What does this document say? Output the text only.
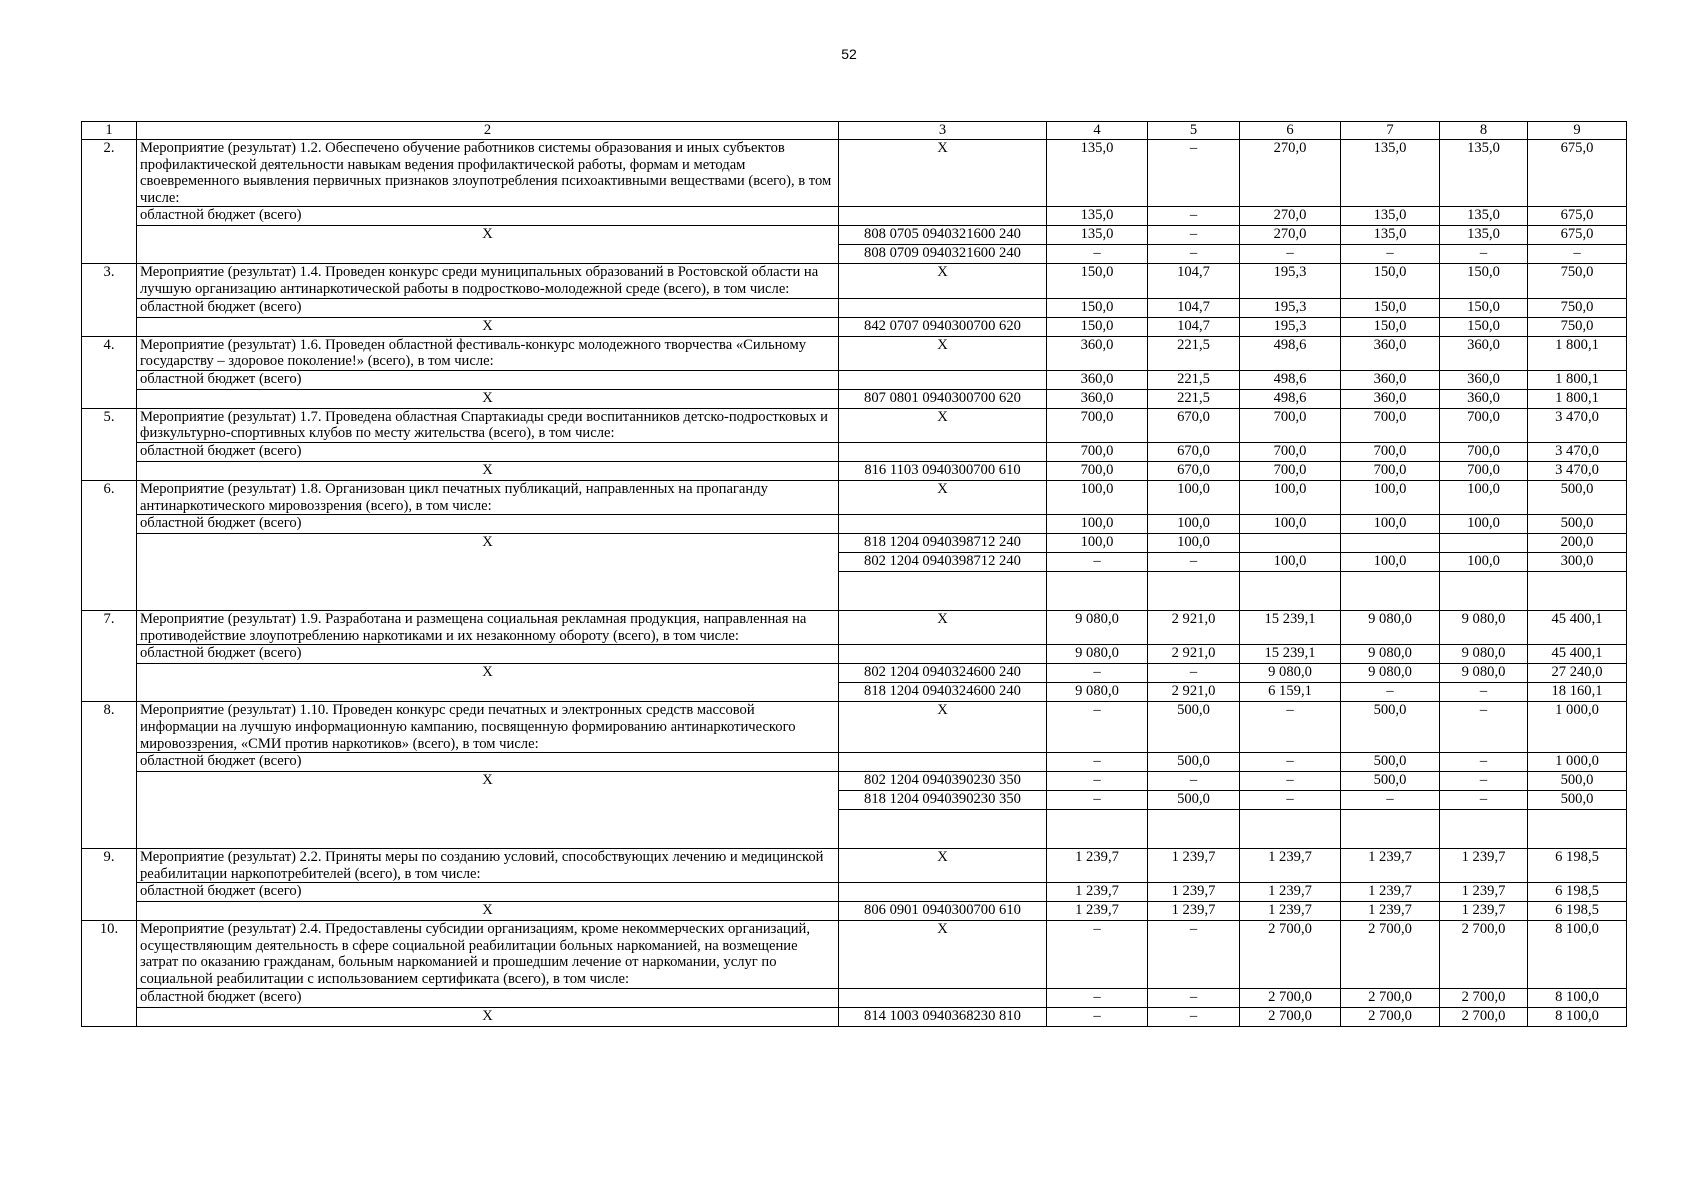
52
1	2	3	4	5	6	7	8	9
2.	Мероприятие (результат) 1.2. Обеспечено обучение работников системы образования и иных субъектов профилактической деятельности навыкам ведения профилактической работы, формам и методам своевременного выявления первичных признаков злоупотребления психоактивными веществами (всего), в том числе:	Х	135,0	–	270,0	135,0	135,0	675,0
	областной бюджет (всего)		135,0	–	270,0	135,0	135,0	675,0
	Х	808 0705 0940321600 240	135,0	–	270,0	135,0	135,0	675,0
		808 0709 0940321600 240	–	–	–	–	–	–
3.	Мероприятие (результат) 1.4. Проведен конкурс среди муниципальных образований в Ростовской области на лучшую организацию антинаркотической работы в подростково-молодежной среде (всего), в том числе:	Х	150,0	104,7	195,3	150,0	150,0	750,0
	областной бюджет (всего)		150,0	104,7	195,3	150,0	150,0	750,0
	Х	842 0707 0940300700 620	150,0	104,7	195,3	150,0	150,0	750,0
4.	Мероприятие (результат) 1.6. Проведен областной фестиваль-конкурс молодежного творчества «Сильному государству – здоровое поколение!» (всего), в том числе:	Х	360,0	221,5	498,6	360,0	360,0	1 800,1
	областной бюджет (всего)		360,0	221,5	498,6	360,0	360,0	1 800,1
	Х	807 0801 0940300700 620	360,0	221,5	498,6	360,0	360,0	1 800,1
5.	Мероприятие (результат) 1.7. Проведена областная Спартакиады среди воспитанников детско-подростковых и физкультурно-спортивных клубов по месту жительства (всего), в том числе:	Х	700,0	670,0	700,0	700,0	700,0	3 470,0
	областной бюджет (всего)		700,0	670,0	700,0	700,0	700,0	3 470,0
	Х	816 1103 0940300700 610	700,0	670,0	700,0	700,0	700,0	3 470,0
6.	Мероприятие (результат) 1.8. Организован цикл печатных публикаций, направленных на пропаганду антинаркотического мировоззрения (всего), в том числе:	Х	100,0	100,0	100,0	100,0	100,0	500,0
	областной бюджет (всего)		100,0	100,0	100,0	100,0	100,0	500,0
	Х	818 1204 0940398712 240	100,0	100,0				200,0
		802 1204 0940398712 240	–	–	100,0	100,0	100,0	300,0

7.	Мероприятие (результат) 1.9. Разработана и размещена социальная рекламная продукция, направленная на противодействие злоупотреблению наркотиками и их незаконному обороту (всего), в том числе:	Х	9 080,0	2 921,0	15 239,1	9 080,0	9 080,0	45 400,1
	областной бюджет (всего)		9 080,0	2 921,0	15 239,1	9 080,0	9 080,0	45 400,1
	Х	802 1204 0940324600 240	–	–	9 080,0	9 080,0	9 080,0	27 240,0
		818 1204 0940324600 240	9 080,0	2 921,0	6 159,1	–	–	18 160,1
8.	Мероприятие (результат) 1.10. Проведен конкурс среди печатных и электронных средств массовой информации на лучшую информационную кампанию, посвященную формированию антинаркотического мировоззрения, «СМИ против наркотиков» (всего), в том числе:	Х	–	500,0	–	500,0	–	1 000,0
	областной бюджет (всего)		–	500,0	–	500,0	–	1 000,0
	Х	802 1204 0940390230 350	–	–	–	500,0	–	500,0
		818 1204 0940390230 350	–	500,0	–	–	–	500,0

9.	Мероприятие (результат) 2.2. Приняты меры по созданию условий, способствующих лечению и медицинской реабилитации наркопотребителей (всего), в том числе:	Х	1 239,7	1 239,7	1 239,7	1 239,7	1 239,7	6 198,5
	областной бюджет (всего)		1 239,7	1 239,7	1 239,7	1 239,7	1 239,7	6 198,5
	Х	806 0901 0940300700 610	1 239,7	1 239,7	1 239,7	1 239,7	1 239,7	6 198,5
10.	Мероприятие (результат) 2.4. Предоставлены субсидии организациям, кроме некоммерческих организаций, осуществляющим деятельность в сфере социальной реабилитации больных наркоманией, на возмещение затрат по оказанию гражданам, больным наркоманией и прошедшим лечение от наркомании, услуг по социальной реабилитации с использованием сертификата (всего), в том числе:	Х	–	–	2 700,0	2 700,0	2 700,0	8 100,0
	областной бюджет (всего)		–	–	2 700,0	2 700,0	2 700,0	8 100,0
	Х	814 1003 0940368230 810	–	–	2 700,0	2 700,0	2 700,0	8 100,0
